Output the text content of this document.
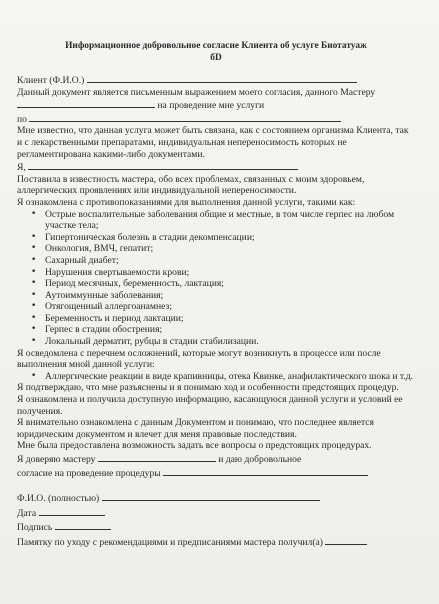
Информационное добровольное согласие Клиента об услуге Биотатуаж
бD
Клиент (Ф.И.О.)
Данный документ является письменным выражением моего согласия, данного Мастеру
на проведение мне услуги
по

Мне известно, что данная услуга может быть связана, как с состоянием организма Клиента, так и с лекарственными препаратами, индивидуальная непереносимость которых не регламентирована какими-либо документами.

Я,

Поставила в известность мастера, обо всех проблемах, связанных с моим здоровьем, аллергических проявлениях или индивидуальной непереносимости.

Я ознакомлена с противопоказаниями для выполнения данной услуги, такими как:

• Острые воспалительные заболевания общие и местные, в том числе герпес на любом участке тела;
• Гипертоническая болезнь в стадии декомпенсации;
• Онкология, ВМЧ, гепатит;
• Сахарный диабет;
• Нарушения свертываемости крови;
• Период месячных, беременность, лактация;
• Аутоиммунные заболевания;
• Отягощенный аллергоанамнез;
• Беременность и период лактации;
• Герпес в стадии обострения;
• Локальный дерматит, рубцы в стадии стабилизации.

Я осведомлена с перечнем осложнений, которые могут возникнуть в процессе или после выполнения мной данной услуги:

• Аллергические реакции в виде крапивницы, отека Квинке, анафилактического шока и т.д.

Я подтверждаю, что мне разъяснены и я понимаю ход и особенности предстоящих процедур.

Я ознакомлена и получила доступную информацию, касающуюся данной услуги и условий ее получения.

Я внимательно ознакомлена с данным Документом и понимаю, что последнее является юридическим документом и влечет для меня правовые последствия.

Мне была предоставлена возможность задать все вопросы о предстоящих процедурах.

Я доверяю мастеру	и даю добровольное
согласие на проведение процедуры
Ф.И.О. (полностью)
Дата
Подпись
Памятку по уходу с рекомендациями и предписаниями мастера получил(а)
